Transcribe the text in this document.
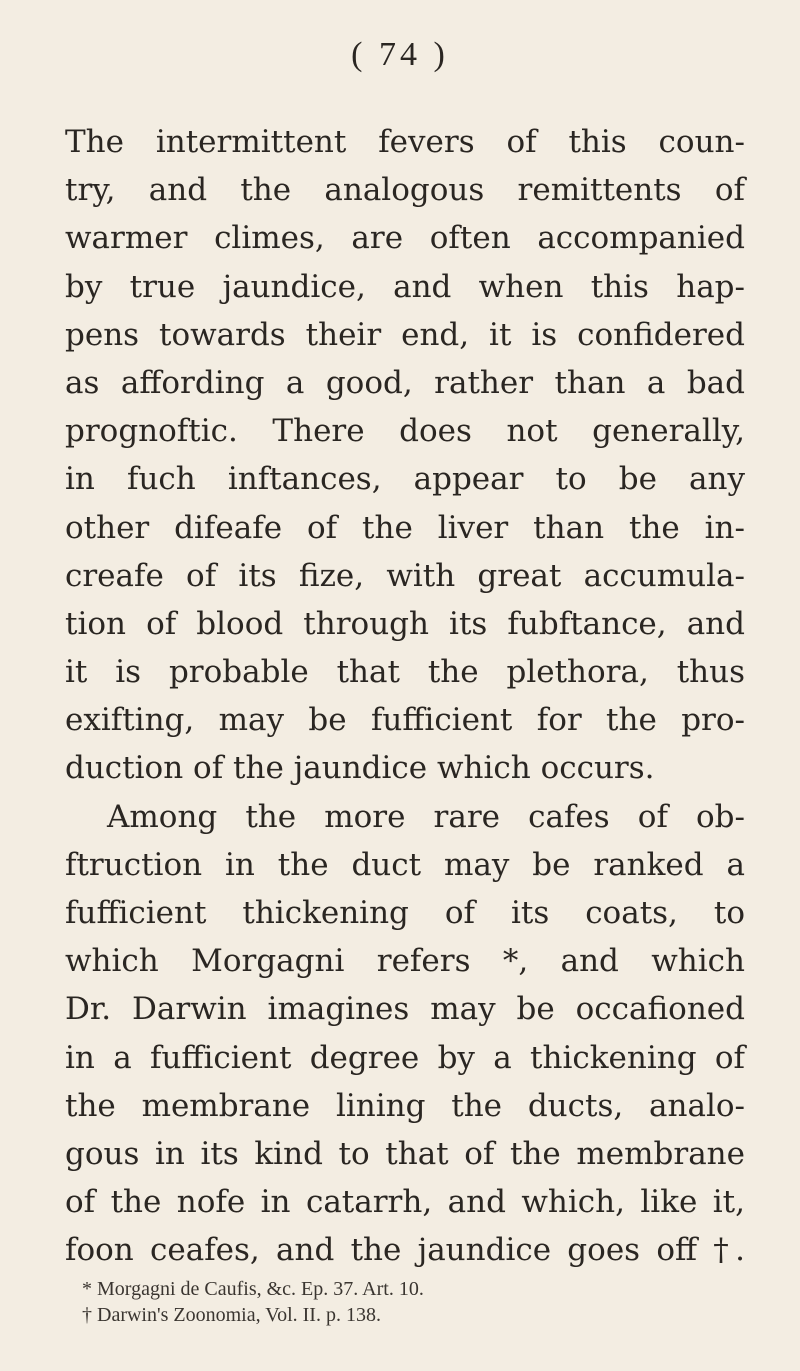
( 74 )
The intermittent fevers of this coun-
try, and the analogous remittents of
warmer climes, are often accompanied
by true jaundice, and when this hap-
pens towards their end, it is confidered
as affording a good, rather than a bad
prognoftic. There does not generally,
in fuch inftances, appear to be any
other difeafe of the liver than the in-
creafe of its fize, with great accumula-
tion of blood through its fubftance, and
it is probable that the plethora, thus
exifting, may be fufficient for the pro-
duction of the jaundice which occurs.
Among the more rare cafes of ob-
ftruction in the duct may be ranked a
fufficient thickening of its coats, to
which Morgagni refers *, and which
Dr. Darwin imagines may be occafioned
in a fufficient degree by a thickening of
the membrane lining the ducts, analo-
gous in its kind to that of the membrane
of the nofe in catarrh, and which, like it,
foon ceafes, and the jaundice goes off †.
* Morgagni de Caufis, &c. Ep. 37. Art. 10.
† Darwin's Zoonomia, Vol. II. p. 138.
